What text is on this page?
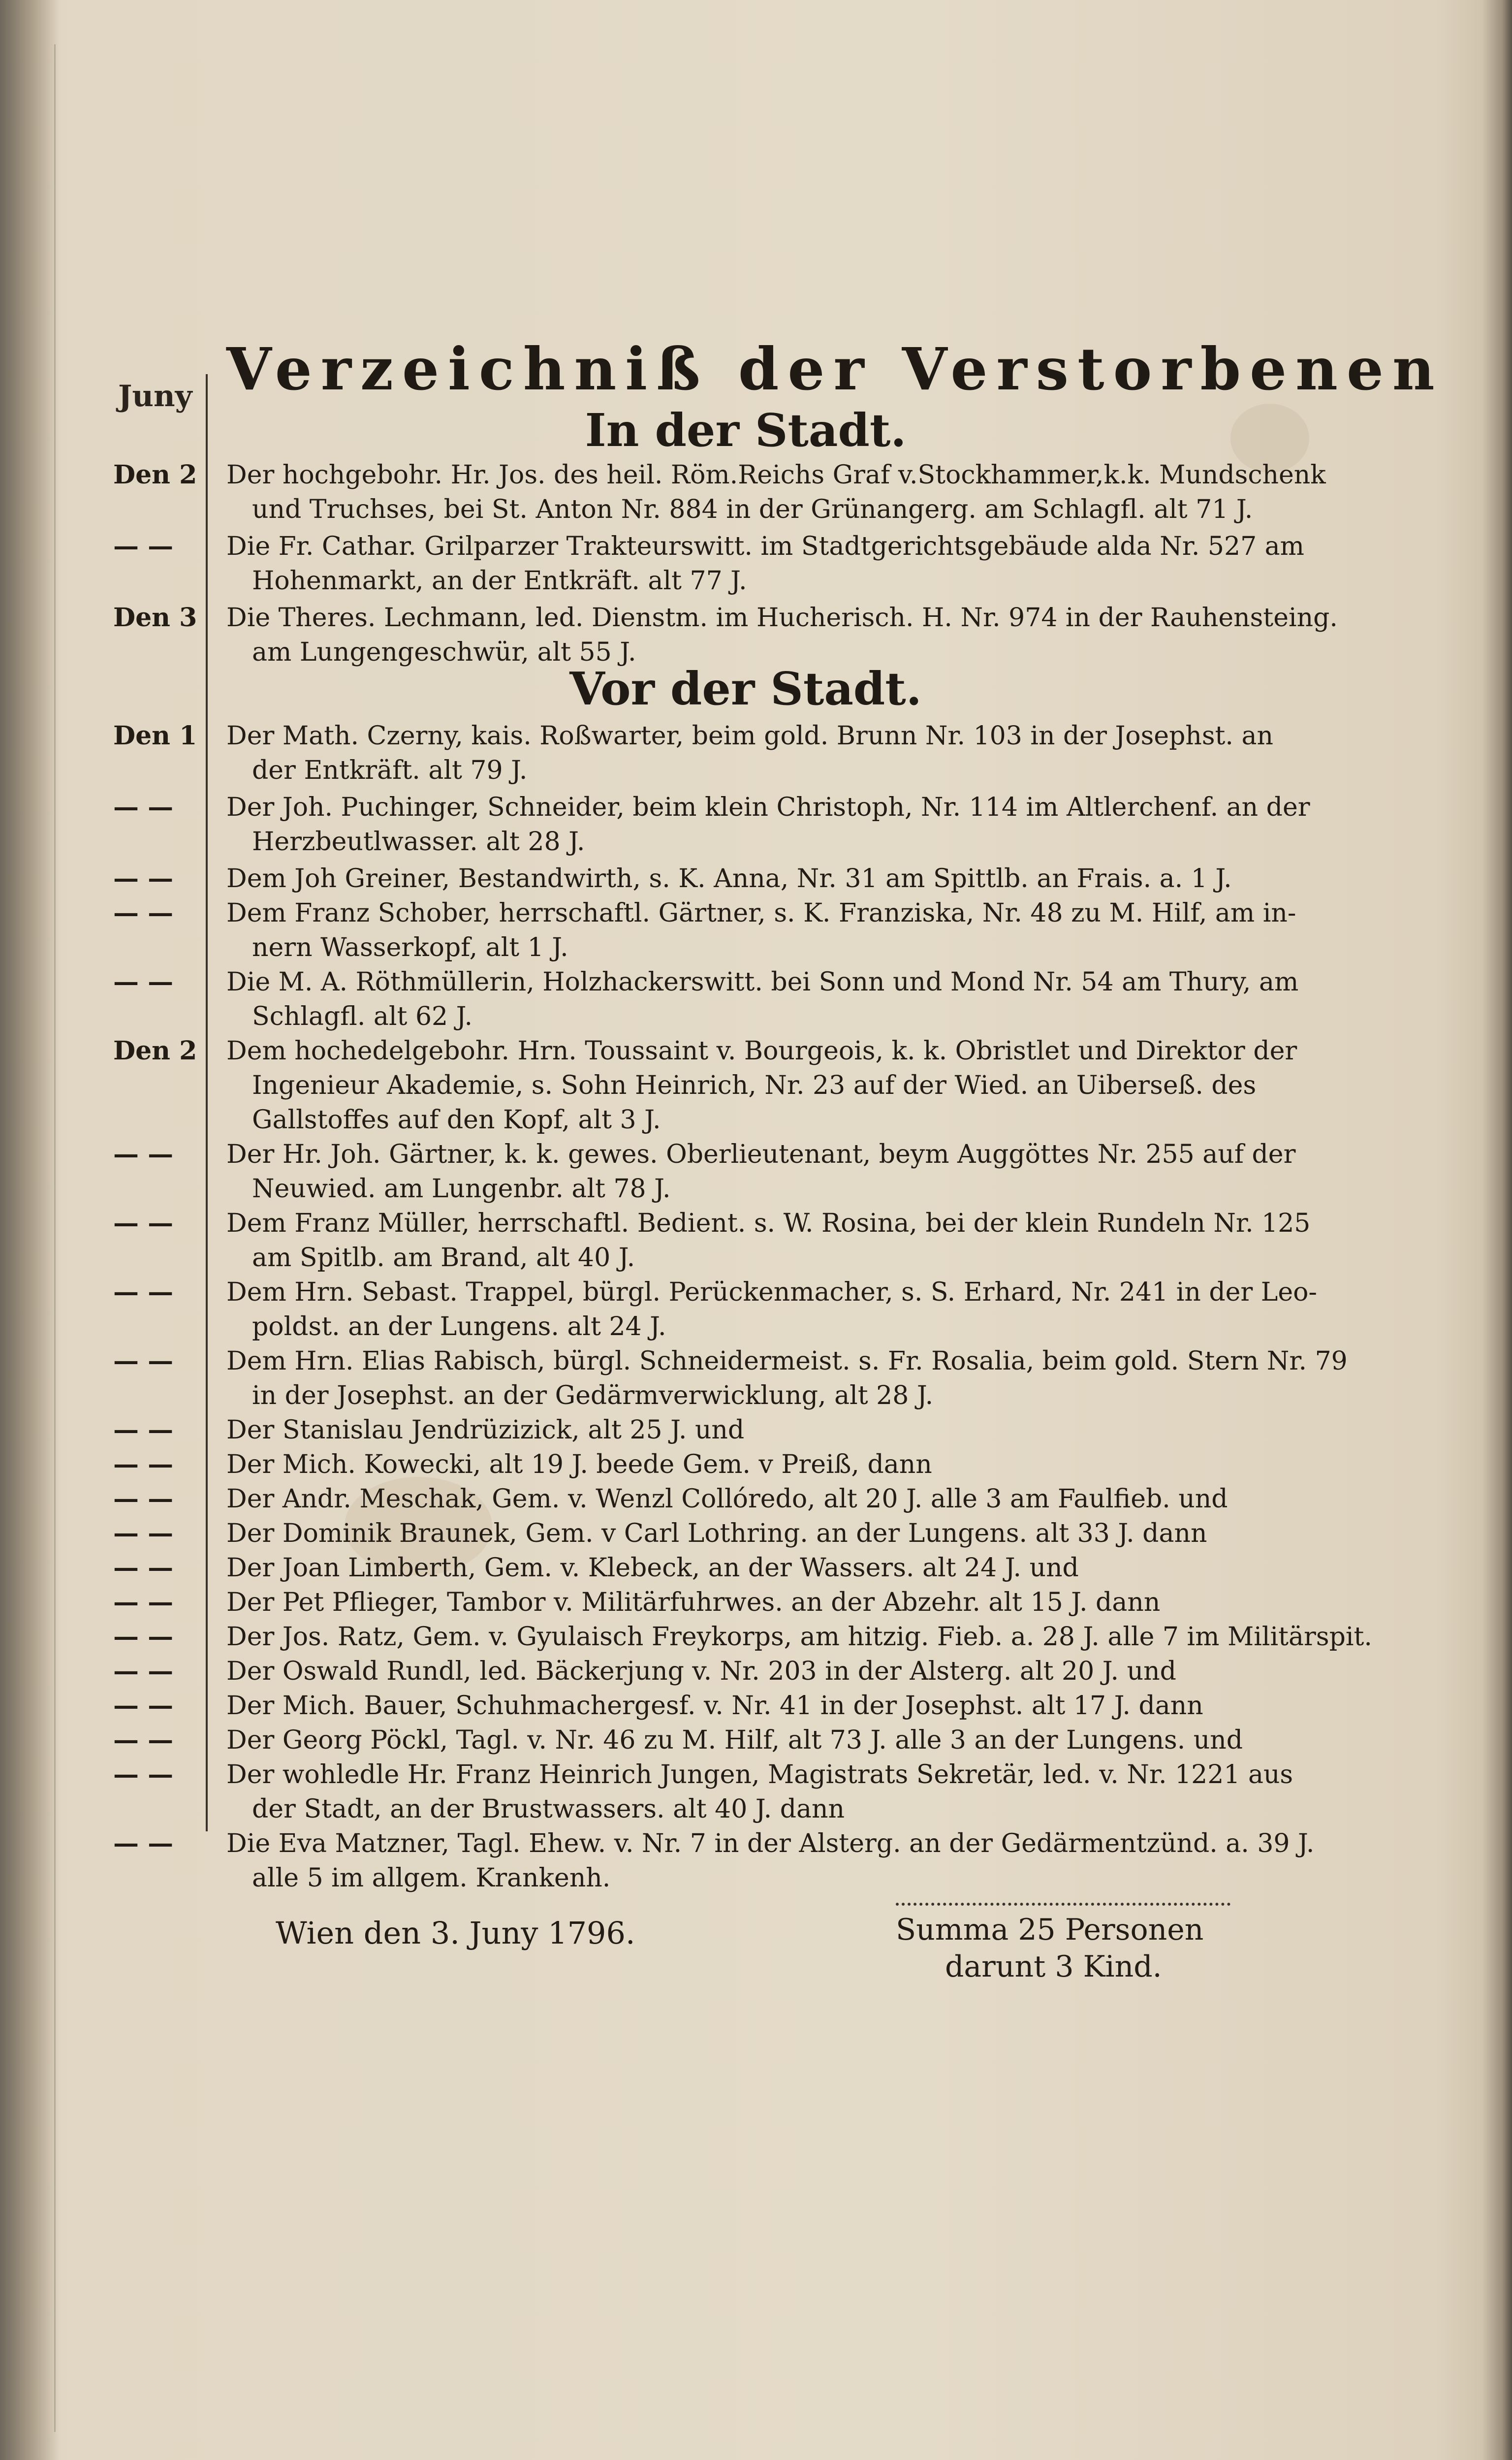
Juny Verzeichniß der Verstorbenen
In der Stadt.
Den 2 Der hochgebohr. Hr. Jos. des heil. Röm.Reichs Graf v.Stockhammer,k.k. Mundschenk
und Truchses, bei St. Anton Nr. 884 in der Grünangerg. am Schlagfl. alt 71 J.
— —	Die Fr. Cathar. Grilparzer Trakteurswitt. im Stadtgerichtsgebäude alda Nr. 527 am
Hohenmarkt, an der Entkräft. alt 77 J.
Den 3 Die Theres. Lechmann, led. Dienstm. im Hucherisch. H. Nr. 974 in der Rauhensteing.
am Lungengeschwür, alt 55 J.
Vor der Stadt.
Den 1 Der Math. Czerny, kais. Roßwarter, beim gold. Brunn Nr. 103 in der Josephst. an
der Entkräft. alt 79 J.
— —	Der Joh. Puchinger, Schneider, beim klein Christoph, Nr. 114 im Altlerchenf. an der
Herzbeutlwasser. alt 28 J.
— —	Dem Joh Greiner, Bestandwirth, s. K. Anna, Nr. 31 am Spittlb. an Frais. a. 1 J.
— —	Dem Franz Schober, herrschaftl. Gärtner, s. K. Franziska, Nr. 48 zu M. Hilf, am in-
nern Wasserkopf, alt 1 J.
— —	Die M. A. Röthmüllerin, Holzhackerswitt. bei Sonn und Mond Nr. 54 am Thury, am
Schlagfl. alt 62 J.
Den 2 Dem hochedelgebohr. Hrn. Toussaint v. Bourgeois, k. k. Obristlet und Direktor der
Ingenieur Akademie, s. Sohn Heinrich, Nr. 23 auf der Wied. an Uiberseß. des
Gallstoffes auf den Kopf, alt 3 J.
— —	Der Hr. Joh. Gärtner, k. k. gewes. Oberlieutenant, beym Auggöttes Nr. 255 auf der
Neuwied. am Lungenbr. alt 78 J.
— —	Dem Franz Müller, herrschaftl. Bedient. s. W. Rosina, bei der klein Rundeln Nr. 125
am Spitlb. am Brand, alt 40 J.
— —	Dem Hrn. Sebast. Trappel, bürgl. Perückenmacher, s. S. Erhard, Nr. 241 in der Leo-
poldst. an der Lungens. alt 24 J.
— —	Dem Hrn. Elias Rabisch, bürgl. Schneidermeist. s. Fr. Rosalia, beim gold. Stern Nr. 79
in der Josephst. an der Gedärmverwicklung, alt 28 J.
— —	Der Stanislau Jendrüzizick, alt 25 J. und
— —	Der Mich. Kowecki, alt 19 J. beede Gem. v Preiß, dann
— —	Der Andr. Meschak, Gem. v. Wenzl Collóredo, alt 20 J. alle 3 am Faulfieb. und
— —	Der Dominik Braunek, Gem. v Carl Lothring. an der Lungens. alt 33 J. dann
— —	Der Joan Limberth, Gem. v. Klebeck, an der Wassers. alt 24 J. und
— —	Der Pet Pflieger, Tambor v. Militärfuhrwes. an der Abzehr. alt 15 J. dann
— —	Der Jos. Ratz, Gem. v. Gyulaisch Freykorps, am hitzig. Fieb. a. 28 J. alle 7 im Militärspit.
— —	Der Oswald Rundl, led. Bäckerjung v. Nr. 203 in der Alsterg. alt 20 J. und
— —	Der Mich. Bauer, Schuhmachergesf. v. Nr. 41 in der Josephst. alt 17 J. dann
— —	Der Georg Pöckl, Tagl. v. Nr. 46 zu M. Hilf, alt 73 J. alle 3 an der Lungens. und
— —	Der wohledle Hr. Franz Heinrich Jungen, Magistrats Sekretär, led. v. Nr. 1221 aus
der Stadt, an der Brustwassers. alt 40 J. dann
— —	Die Eva Matzner, Tagl. Ehew. v. Nr. 7 in der Alsterg. an der Gedärmentzünd. a. 39 J.
alle 5 im allgem. Krankenh.
Wien den 3. Juny 1796.	Summa 25 Personen
darunt 3 Kind.
